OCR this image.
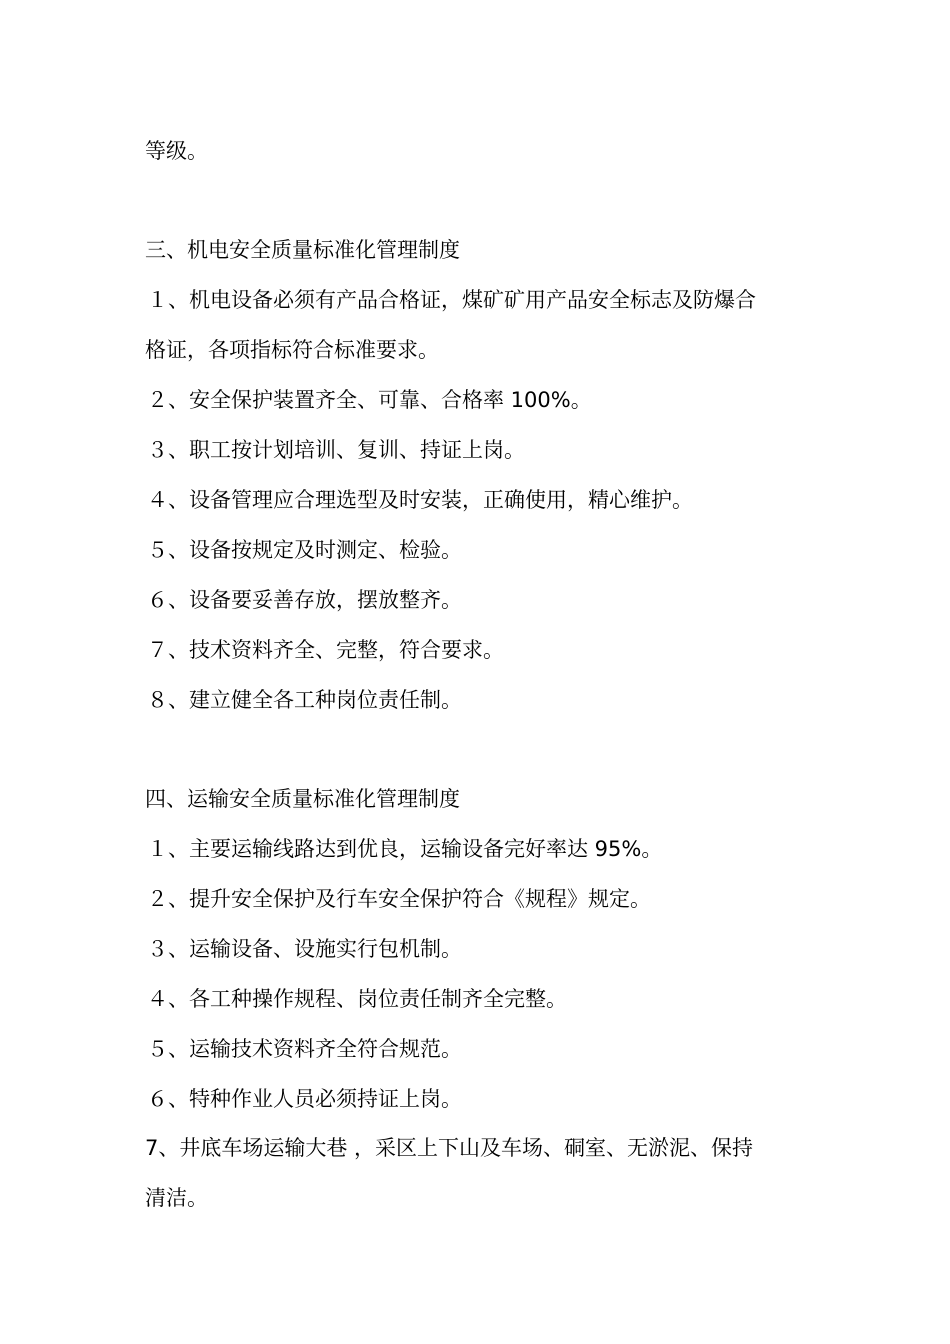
等级。
三、机电安全质量标准化管理制度
１、机电设备必须有产品合格证，煤矿矿用产品安全标志及防爆合
格证，各项指标符合标准要求。
２、安全保护装置齐全、可靠、合格率 100%。
３、职工按计划培训、复训、持证上岗。
４、设备管理应合理选型及时安装，正确使用，精心维护。
５、设备按规定及时测定、检验。
６、设备要妥善存放，摆放整齐。
７、技术资料齐全、完整，符合要求。
８、建立健全各工种岗位责任制。
四、运输安全质量标准化管理制度
１、主要运输线路达到优良，运输设备完好率达 95%。
２、提升安全保护及行车安全保护符合《规程》规定。
３、运输设备、设施实行包机制。
４、各工种操作规程、岗位责任制齐全完整。
５、运输技术资料齐全符合规范。
６、特种作业人员必须持证上岗。
7、井底车场运输大巷 ，采区上下山及车场、硐室、无淤泥、保持
清洁。
